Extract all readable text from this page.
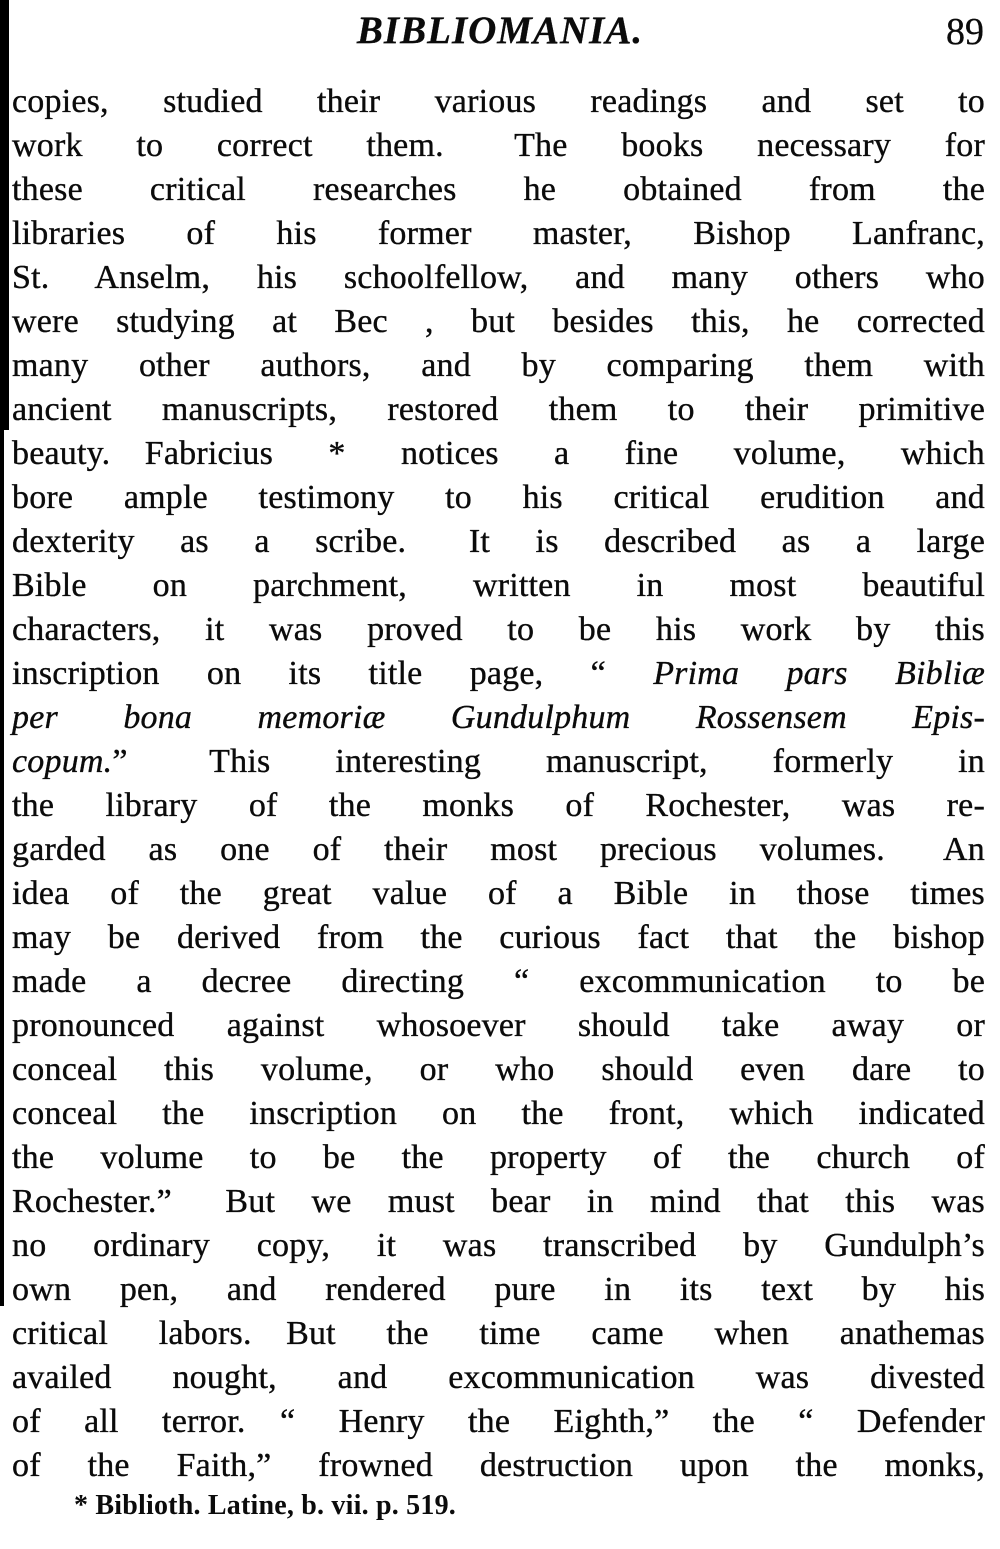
BIBLIOMANIA.	89
copies, studied their various readings and set to
work to correct them.  The books necessary for
these critical researches he obtained from the
libraries of his former master, Bishop Lanfranc,
St. Anselm, his schoolfellow, and many others who
were studying at Bec , but besides this, he corrected
many other authors, and by comparing them with
ancient manuscripts, restored them to their primitive
beauty.  Fabricius * notices a fine volume, which
bore ample testimony to his critical erudition and
dexterity as a scribe.  It is described as a large
Bible on parchment, written in most beautiful
characters, it was proved to be his work by this
inscription on its title page, “ Prima pars Bibliæ
per bona memoriæ Gundulphum Rossensem Epis-
copum.”  This interesting manuscript, formerly in
the library of the monks of Rochester, was re-
garded as one of their most precious volumes.  An
idea of the great value of a Bible in those times
may be derived from the curious fact that the bishop
made a decree directing “ excommunication to be
pronounced against whosoever should take away or
conceal this volume, or who should even dare to
conceal the inscription on the front, which indicated
the volume to be the property of the church of
Rochester.”  But we must bear in mind that this was
no ordinary copy, it was transcribed by Gundulph’s
own pen, and rendered pure in its text by his
critical labors.  But the time came when anathemas
availed nought, and excommunication was divested
of all terror.  “ Henry the Eighth,” the “ Defender
of the Faith,” frowned destruction upon the monks,
* Biblioth. Latine, b. vii. p. 519.
